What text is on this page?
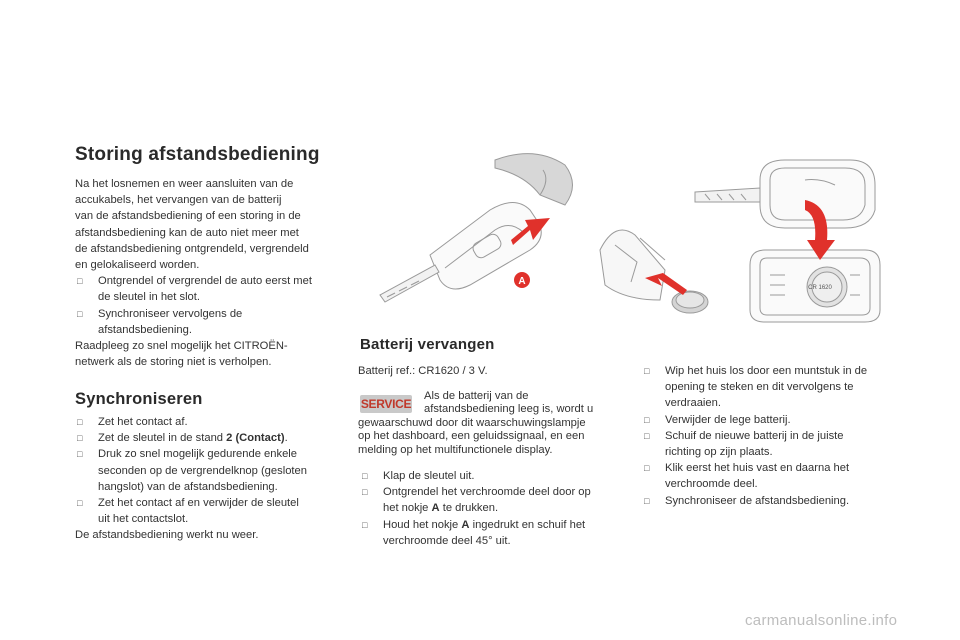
Storing afstandsbediening
Na het losnemen en weer aansluiten van de
accukabels, het vervangen van de batterij
van de afstandsbediening of een storing in de
afstandsbediening kan de auto niet meer met
de afstandsbediening ontgrendeld, vergrendeld
en gelokaliseerd worden.
□ Ontgrendel of vergrendel de auto eerst met
de sleutel in het slot.
□ Synchroniseer vervolgens de
afstandsbediening.
Raadpleeg zo snel mogelijk het CITROËN-
netwerk als de storing niet is verholpen.
Synchroniseren
□ Zet het contact af.
□ Zet de sleutel in de stand 2 (Contact).
□ Druk zo snel mogelijk gedurende enkele
seconden op de vergrendelknop (gesloten
hangslot) van de afstandsbediening.
□ Zet het contact af en verwijder de sleutel
uit het contactslot.
De afstandsbediening werkt nu weer.
CR 1620
A
Batterij vervangen
Batterij ref.: CR1620 / 3 V.
SERVICE
Als de batterij van de
afstandsbediening leeg is, wordt u
gewaarschuwd door dit waarschuwingslampje
op het dashboard, een geluidssignaal, en een
melding op het multifunctionele display.
□ Klap de sleutel uit.
□ Ontgrendel het verchroomde deel door op
het nokje A te drukken.
□ Houd het nokje A ingedrukt en schuif het
verchroomde deel 45° uit.
□ Wip het huis los door een muntstuk in de
opening te steken en dit vervolgens te
verdraaien.
□ Verwijder de lege batterij.
□ Schuif de nieuwe batterij in de juiste
richting op zijn plaats.
□ Klik eerst het huis vast en daarna het
verchroomde deel.
□ Synchroniseer de afstandsbediening.
carmanualsonline.info
